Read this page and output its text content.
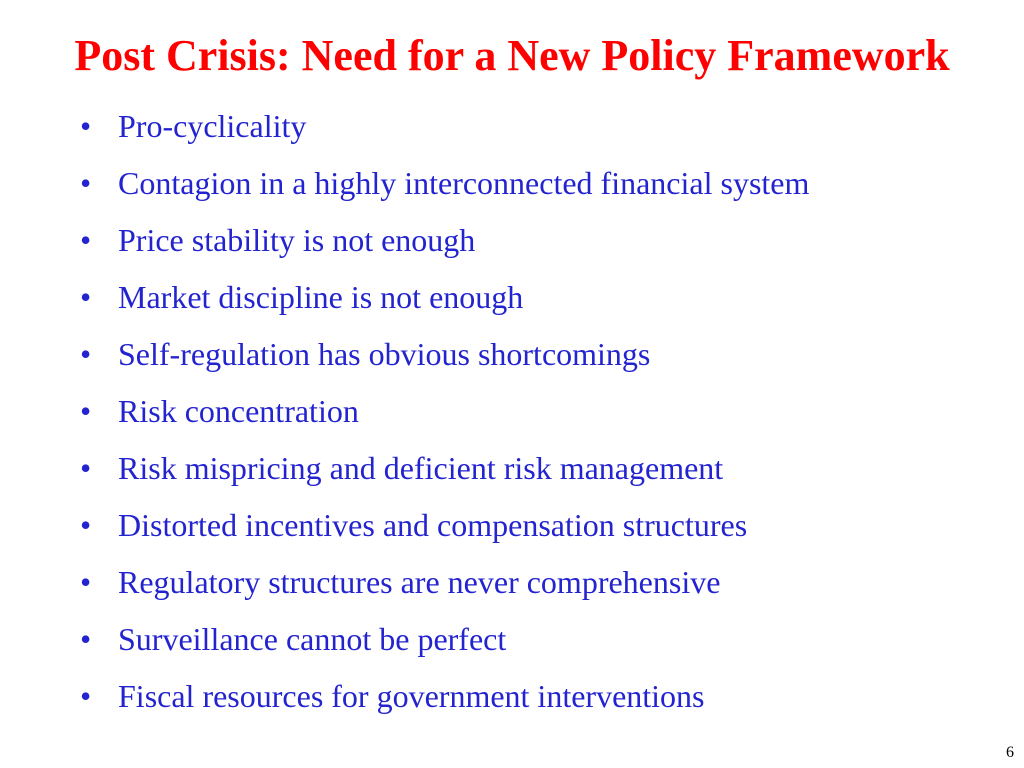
Post Crisis: Need for a New Policy Framework
• Pro-cyclicality
• Contagion in a highly interconnected financial system
• Price stability is not enough
• Market discipline is not enough
• Self-regulation has obvious shortcomings
• Risk concentration
• Risk mispricing and deficient risk management
• Distorted incentives and compensation structures
• Regulatory structures are never comprehensive
• Surveillance cannot be perfect
• Fiscal resources for government interventions
6
